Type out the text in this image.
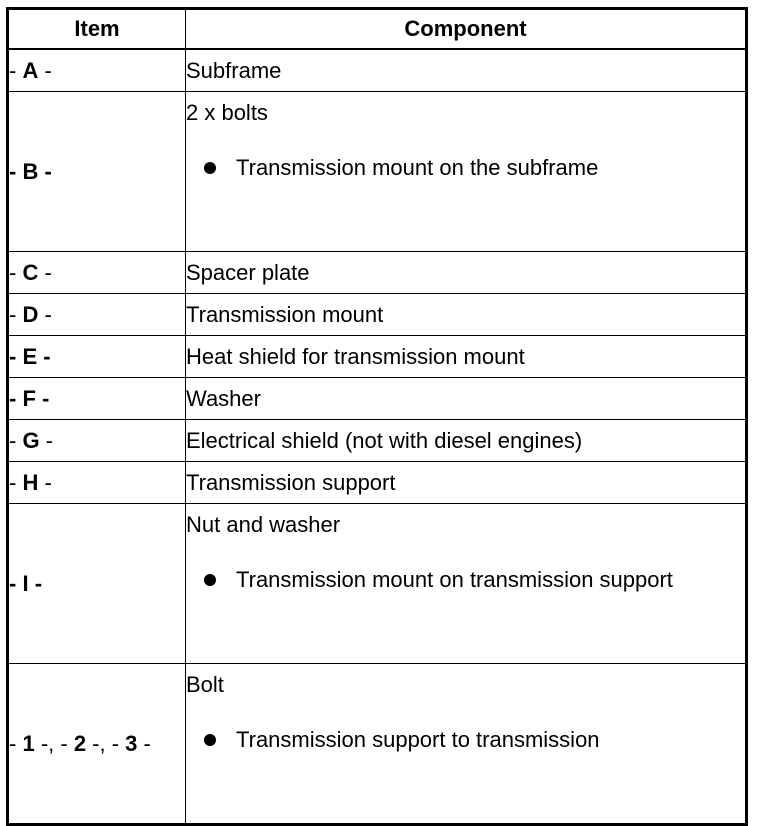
Item	Component
- A -	Subframe
- B -	2 x bolts
Transmission mount on the subframe

- C -	Spacer plate
- D -	Transmission mount
- E -	Heat shield for transmission mount
- F -	Washer
- G -	Electrical shield (not with diesel engines)
- H -	Transmission support
- I -	Nut and washer
Transmission mount on transmission support

- 1 -, - 2 -, - 3 -	Bolt
Transmission support to transmission
